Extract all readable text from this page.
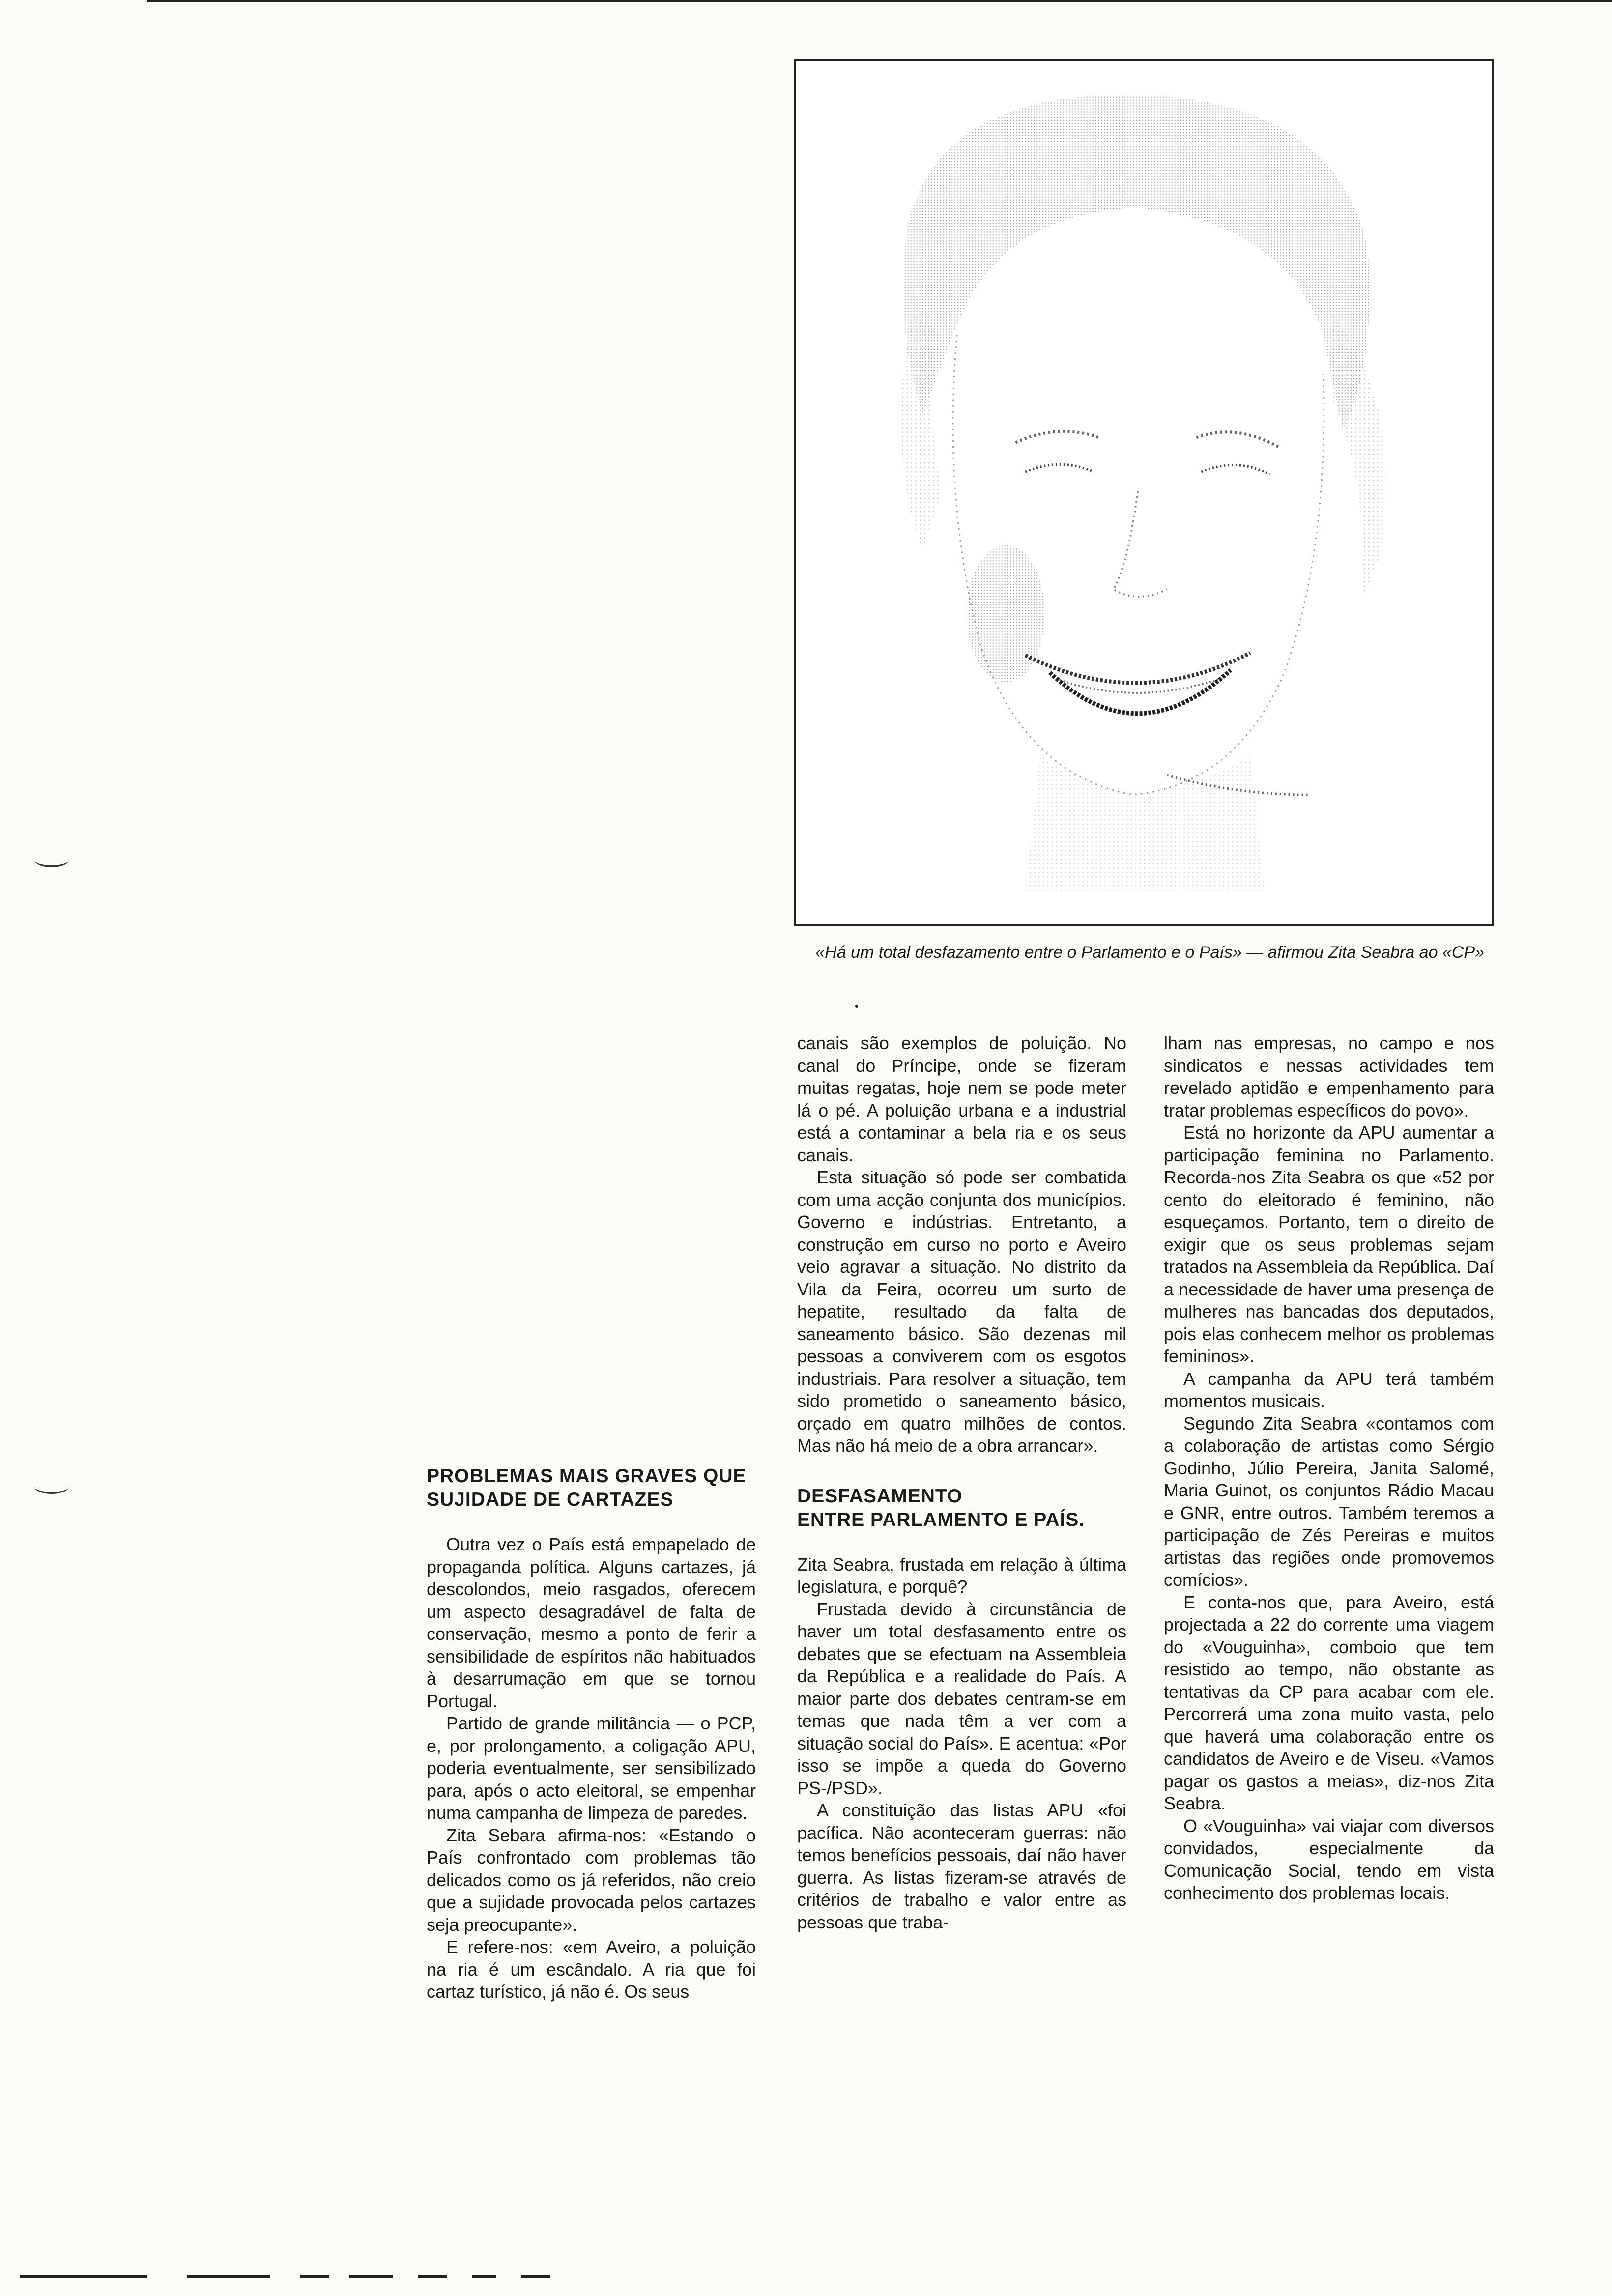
«Há um total desfazamento entre o Parlamento e o País» — afirmou Zita Seabra ao «CP»
PROBLEMAS MAIS GRAVES QUE
SUJIDADE DE CARTAZES

Outra vez o País está empapelado de propaganda política. Alguns cartazes, já descolondos, meio rasgados, oferecem um aspecto desagradável de falta de conservação, mesmo a ponto de ferir a sensibilidade de espíritos não habituados à desarrumação em que se tornou Portugal.

Partido de grande militância — o PCP, e, por prolongamento, a coligação APU, poderia eventualmente, ser sensibilizado para, após o acto eleitoral, se empenhar numa campanha de limpeza de paredes.

Zita Sebara afirma-nos: «Estando o País confrontado com problemas tão delicados como os já referidos, não creio que a sujidade provocada pelos cartazes seja preocupante».

E refere-nos: «em Aveiro, a poluição na ria é um escândalo. A ria que foi cartaz turístico, já não é. Os seus

canais são exemplos de poluição. No canal do Príncipe, onde se fizeram muitas regatas, hoje nem se pode meter lá o pé. A poluição urbana e a industrial está a contaminar a bela ria e os seus canais.

Esta situação só pode ser combatida com uma acção conjunta dos municípios. Governo e indústrias. Entretanto, a construção em curso no porto e Aveiro veio agravar a situação. No distrito da Vila da Feira, ocorreu um surto de hepatite, resultado da falta de saneamento básico. São dezenas mil pessoas a conviverem com os esgotos industriais. Para resolver a situação, tem sido prometido o saneamento básico, orçado em quatro milhões de contos. Mas não há meio de a obra arrancar».

DESFASAMENTO
ENTRE PARLAMENTO E PAÍS.

Zita Seabra, frustada em relação à última legislatura, e porquê?

Frustada devido à circunstância de haver um total desfasamento entre os debates que se efectuam na Assembleia da República e a realidade do País. A maior parte dos debates centram-se em temas que nada têm a ver com a situação social do País». E acentua: «Por isso se impõe a queda do Governo PS-/PSD».

A constituição das listas APU «foi pacífica. Não aconteceram guerras: não temos benefícios pessoais, daí não haver guerra. As listas fizeram-se através de critérios de trabalho e valor entre as pessoas que traba-

lham nas empresas, no campo e nos sindicatos e nessas actividades tem revelado aptidão e empenhamento para tratar problemas específicos do povo».

Está no horizonte da APU aumentar a participação feminina no Parlamento. Recorda-nos Zita Seabra os que «52 por cento do eleitorado é feminino, não esqueçamos. Portanto, tem o direito de exigir que os seus problemas sejam tratados na Assembleia da República. Daí a necessidade de haver uma presença de mulheres nas bancadas dos deputados, pois elas conhecem melhor os problemas femininos».

A campanha da APU terá também momentos musicais.

Segundo Zita Seabra «contamos com a colaboração de artistas como Sérgio Godinho, Júlio Pereira, Janita Salomé, Maria Guinot, os conjuntos Rádio Macau e GNR, entre outros. Também teremos a participação de Zés Pereiras e muitos artistas das regiões onde promovemos comícios».

E conta-nos que, para Aveiro, está projectada a 22 do corrente uma viagem do «Vouguinha», comboio que tem resistido ao tempo, não obstante as tentativas da CP para acabar com ele. Percorrerá uma zona muito vasta, pelo que haverá uma colaboração entre os candidatos de Aveiro e de Viseu. «Vamos pagar os gastos a meias», diz-nos Zita Seabra.

O «Vouguinha» vai viajar com diversos convidados, especialmente da Comunicação Social, tendo em vista conhecimento dos problemas locais.
